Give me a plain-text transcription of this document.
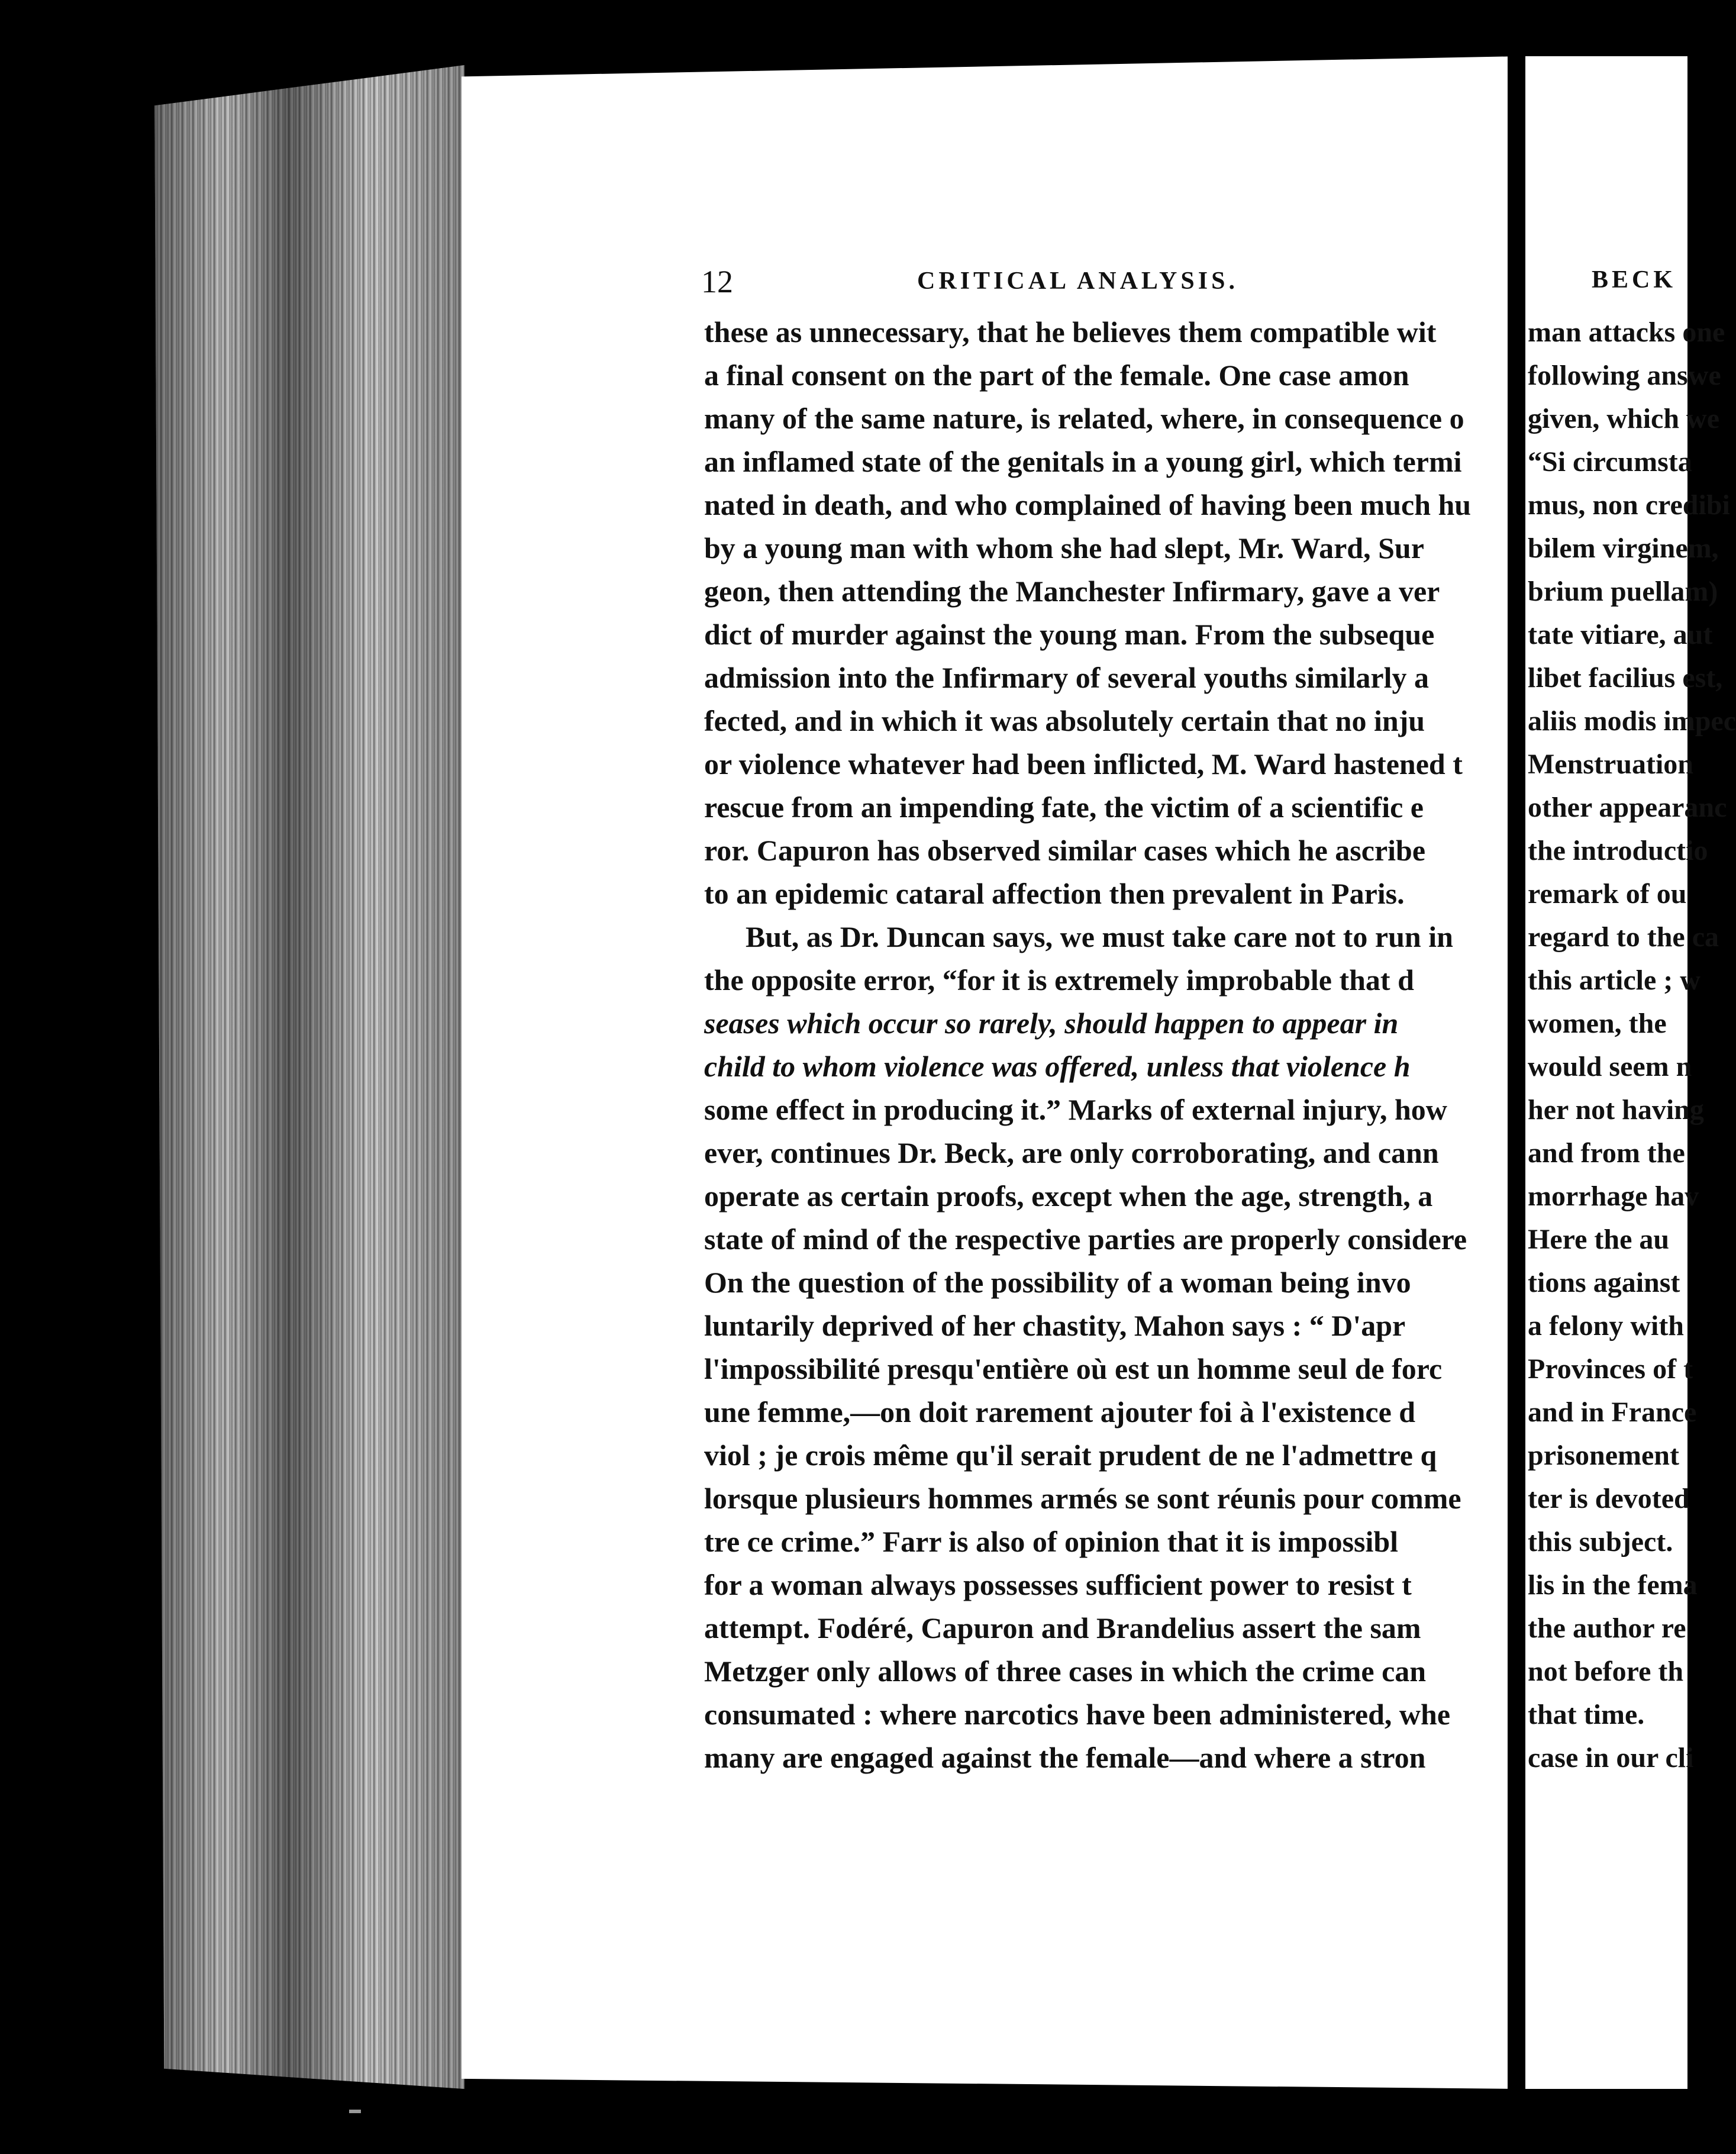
12	CRITICAL ANALYSIS.
these as unnecessary, that he believes them compatible wit
a final consent on the part of the female. One case amon
many of the same nature, is related, where, in consequence o
an inflamed state of the genitals in a young girl, which termi
nated in death, and who complained of having been much hu
by a young man with whom she had slept, Mr. Ward, Sur
geon, then attending the Manchester Infirmary, gave a ver
dict of murder against the young man. From the subseque
admission into the Infirmary of several youths similarly a
fected, and in which it was absolutely certain that no inju
or violence whatever had been inflicted, M. Ward hastened t
rescue from an impending fate, the victim of a scientific e
ror. Capuron has observed similar cases which he ascribe
to an epidemic cataral affection then prevalent in Paris.
But, as Dr. Duncan says, we must take care not to run in
the opposite error, “for it is extremely improbable that d
seases which occur so rarely, should happen to appear in
child to whom violence was offered, unless that violence h
some effect in producing it.” Marks of external injury, how
ever, continues Dr. Beck, are only corroborating, and cann
operate as certain proofs, except when the age, strength, a
state of mind of the respective parties are properly considere
On the question of the possibility of a woman being invo
luntarily deprived of her chastity, Mahon says : “ D'apr
l'impossibilité presqu'entière où est un homme seul de forc
une femme,—on doit rarement ajouter foi à l'existence d
viol ; je crois même qu'il serait prudent de ne l'admettre q
lorsque plusieurs hommes armés se sont réunis pour comme
tre ce crime.” Farr is also of opinion that it is impossibl
for a woman always possesses sufficient power to resist t
attempt. Fodéré, Capuron and Brandelius assert the sam
Metzger only allows of three cases in which the crime can
consumated : where narcotics have been administered, whe
many are engaged against the female—and where a stron
BECK
man attacks one
following answe
given, which we
“Si circumsta
mus, non credibi
bilem virginem,
brium puellam)
tate vitiare, aut
libet facilius est,
aliis modis impec
Menstruation
other appearanc
the introductio
remark of ou
regard to the ca
this article ; w
women, the
would seem n
her not having
and from the
morrhage hav
Here the au
tions against
a felony with
Provinces of t
and in France
prisonement
ter is devoted
this subject.
lis in the fema
the author re
not before th
that time.
case in our cli
